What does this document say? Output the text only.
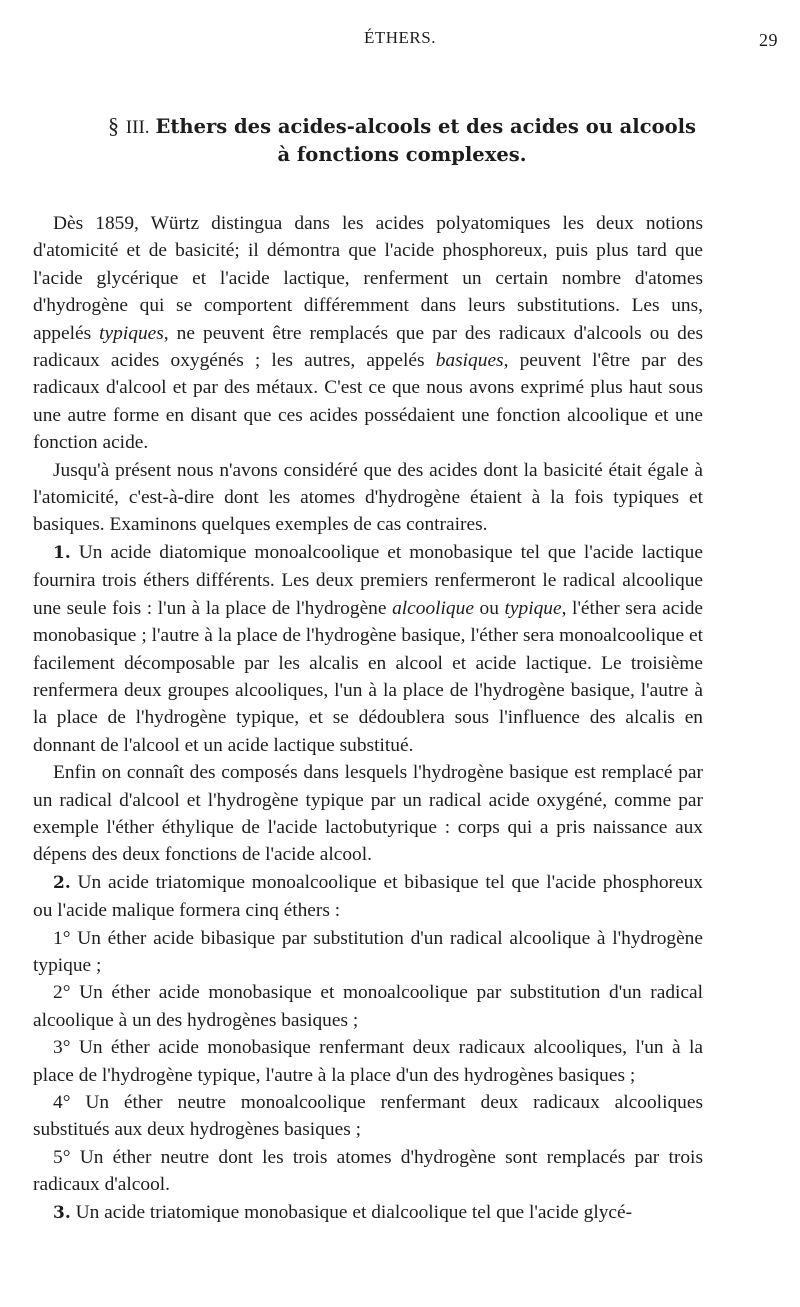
ÉTHERS.	29
§ III. Ethers des acides-alcools et des acides ou alcools
à fonctions complexes.

Dès 1859, Würtz distingua dans les acides polyatomiques les deux notions d'atomicité et de basicité; il démontra que l'acide phosphoreux, puis plus tard que l'acide glycérique et l'acide lactique, renferment un certain nombre d'atomes d'hydrogène qui se comportent différemment dans leurs substitutions. Les uns, appelés typiques, ne peuvent être remplacés que par des radicaux d'alcools ou des radicaux acides oxygénés ; les autres, appelés basiques, peuvent l'être par des radicaux d'alcool et par des métaux. C'est ce que nous avons exprimé plus haut sous une autre forme en disant que ces acides possédaient une fonction alcoolique et une fonction acide.

Jusqu'à présent nous n'avons considéré que des acides dont la basicité était égale à l'atomicité, c'est-à-dire dont les atomes d'hydrogène étaient à la fois typiques et basiques. Examinons quelques exemples de cas contraires.

1. Un acide diatomique monoalcoolique et monobasique tel que l'acide lactique fournira trois éthers différents. Les deux premiers renfermeront le radical alcoolique une seule fois : l'un à la place de l'hydrogène alcoolique ou typique, l'éther sera acide monobasique ; l'autre à la place de l'hydrogène basique, l'éther sera monoalcoolique et facilement décomposable par les alcalis en alcool et acide lactique. Le troisième renfermera deux groupes alcooliques, l'un à la place de l'hydrogène basique, l'autre à la place de l'hydrogène typique, et se dédoublera sous l'influence des alcalis en donnant de l'alcool et un acide lactique substitué.

Enfin on connaît des composés dans lesquels l'hydrogène basique est remplacé par un radical d'alcool et l'hydrogène typique par un radical acide oxygéné, comme par exemple l'éther éthylique de l'acide lactobutyrique : corps qui a pris naissance aux dépens des deux fonctions de l'acide alcool.

2. Un acide triatomique monoalcoolique et bibasique tel que l'acide phosphoreux ou l'acide malique formera cinq éthers :

1° Un éther acide bibasique par substitution d'un radical alcoolique à l'hydrogène typique ;

2° Un éther acide monobasique et monoalcoolique par substitution d'un radical alcoolique à un des hydrogènes basiques ;

3° Un éther acide monobasique renfermant deux radicaux alcooliques, l'un à la place de l'hydrogène typique, l'autre à la place d'un des hydrogènes basiques ;

4° Un éther neutre monoalcoolique renfermant deux radicaux alcooliques substitués aux deux hydrogènes basiques ;

5° Un éther neutre dont les trois atomes d'hydrogène sont remplacés par trois radicaux d'alcool.

3. Un acide triatomique monobasique et dialcoolique tel que l'acide glycé-
